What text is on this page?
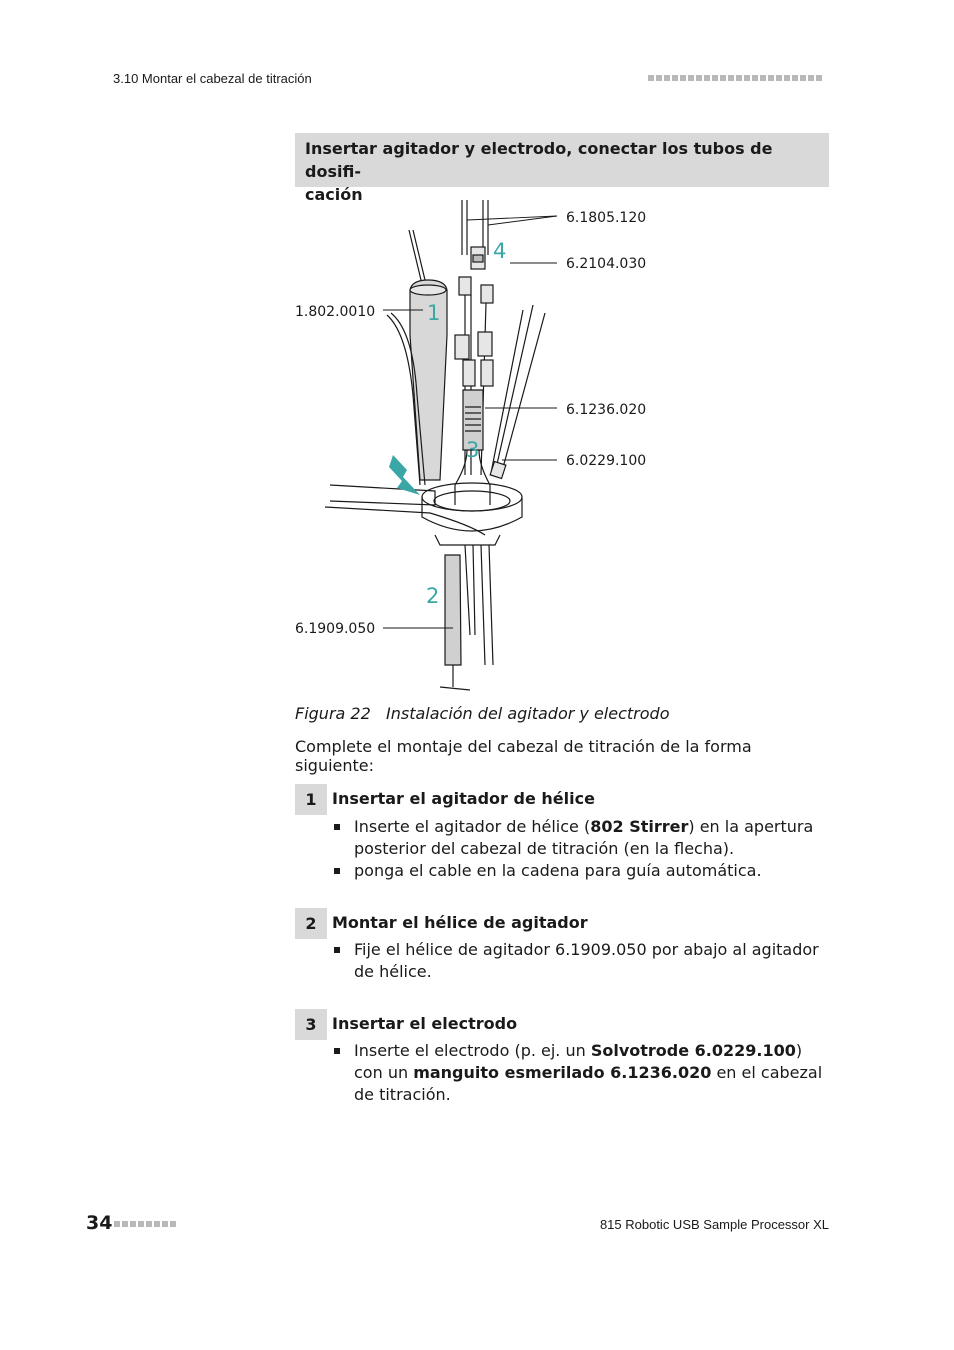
3.10 Montar el cabezal de titración
Insertar agitador y electrodo, conectar los tubos de dosifi-
cación
6.1805.120
6.2104.030
1.802.0010
6.1236.020
6.0229.100
6.1909.050
1
2
3
4
Figura 22 Instalación del agitador y electrodo
Complete el montaje del cabezal de titración de la forma siguiente:
1 Insertar el agitador de hélice
Inserte el agitador de hélice (802 Stirrer) en la apertura posterior del cabezal de titración (en la flecha).
ponga el cable en la cadena para guía automática.
2 Montar el hélice de agitador
Fije el hélice de agitador 6.1909.050 por abajo al agitador de hélice.
3 Insertar el electrodo
Inserte el electrodo (p. ej. un Solvotrode 6.0229.100) con un manguito esmerilado 6.1236.020 en el cabezal de titración.
34	815 Robotic USB Sample Processor XL
